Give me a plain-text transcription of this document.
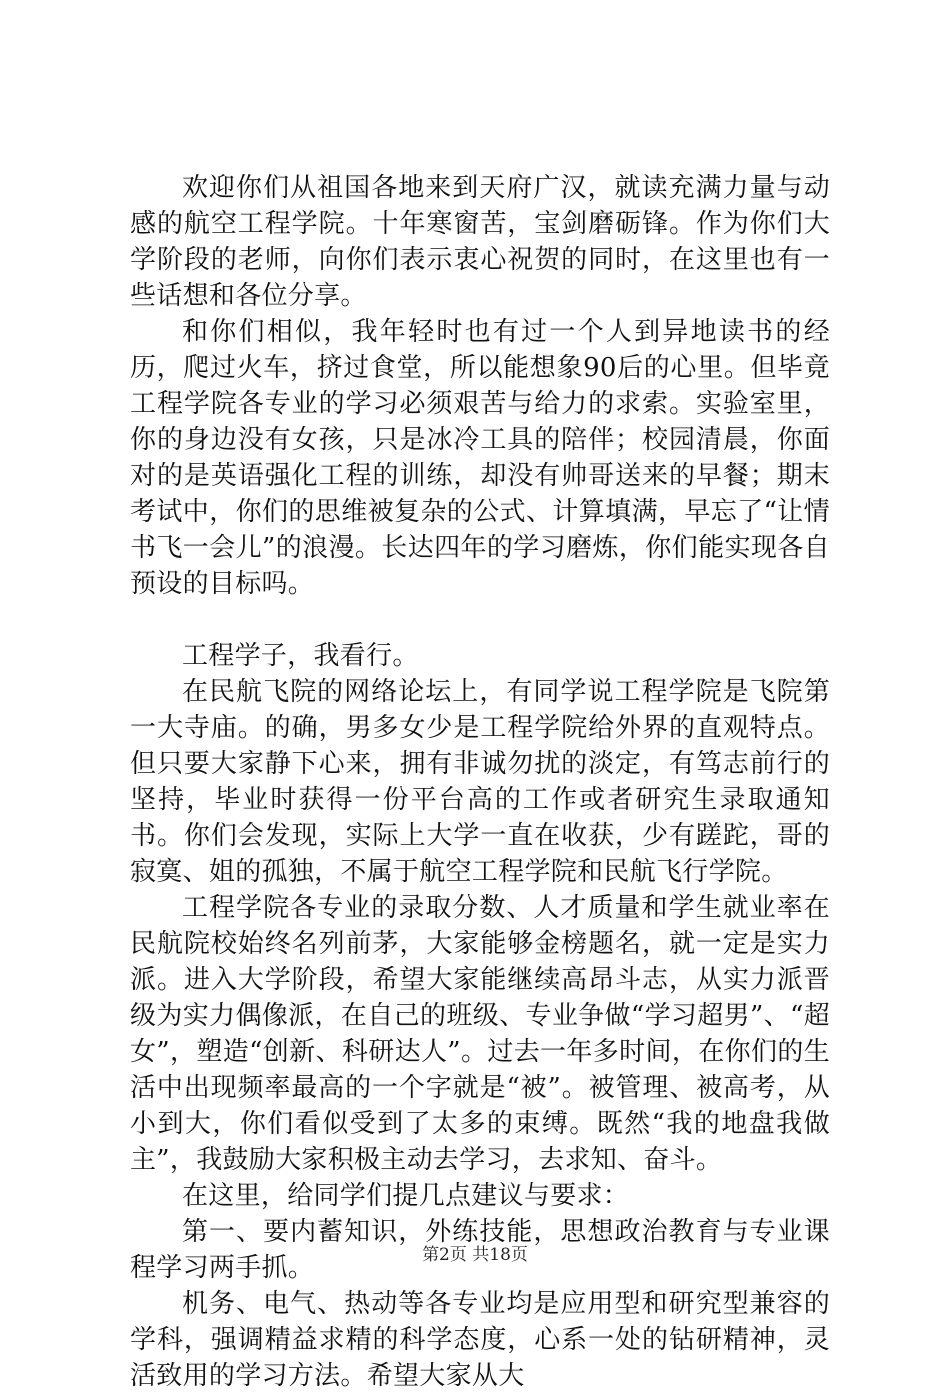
欢迎你们从祖国各地来到天府广汉，就读充满力量与动感的航空工程学院。十年寒窗苦，宝剑磨砺锋。作为你们大学阶段的老师，向你们表示衷心祝贺的同时，在这里也有一些话想和各位分享。

和你们相似，我年轻时也有过一个人到异地读书的经历，爬过火车，挤过食堂，所以能想象90后的心里。但毕竟工程学院各专业的学习必须艰苦与给力的求索。实验室里，你的身边没有女孩，只是冰冷工具的陪伴；校园清晨，你面对的是英语强化工程的训练，却没有帅哥送来的早餐；期末考试中，你们的思维被复杂的公式、计算填满，早忘了“让情书飞一会儿”的浪漫。长达四年的学习磨炼，你们能实现各自预设的目标吗。

工程学子，我看行。

在民航飞院的网络论坛上，有同学说工程学院是飞院第一大寺庙。的确，男多女少是工程学院给外界的直观特点。但只要大家静下心来，拥有非诚勿扰的淡定，有笃志前行的坚持，毕业时获得一份平台高的工作或者研究生录取通知书。你们会发现，实际上大学一直在收获，少有蹉跎，哥的寂寞、姐的孤独，不属于航空工程学院和民航飞行学院。

工程学院各专业的录取分数、人才质量和学生就业率在民航院校始终名列前茅，大家能够金榜题名，就一定是实力派。进入大学阶段，希望大家能继续高昂斗志，从实力派晋级为实力偶像派，在自己的班级、专业争做“学习超男”、“超女”，塑造“创新、科研达人”。过去一年多时间，在你们的生活中出现频率最高的一个字就是“被”。被管理、被高考，从小到大，你们看似受到了太多的束缚。既然“我的地盘我做主”，我鼓励大家积极主动去学习，去求知、奋斗。

在这里，给同学们提几点建议与要求：

第一、要内蓄知识，外练技能，思想政治教育与专业课程学习两手抓。

机务、电气、热动等各专业均是应用型和研究型兼容的学科，强调精益求精的科学态度，心系一处的钻研精神，灵活致用的学习方法。希望大家从大

第2页 共18页
